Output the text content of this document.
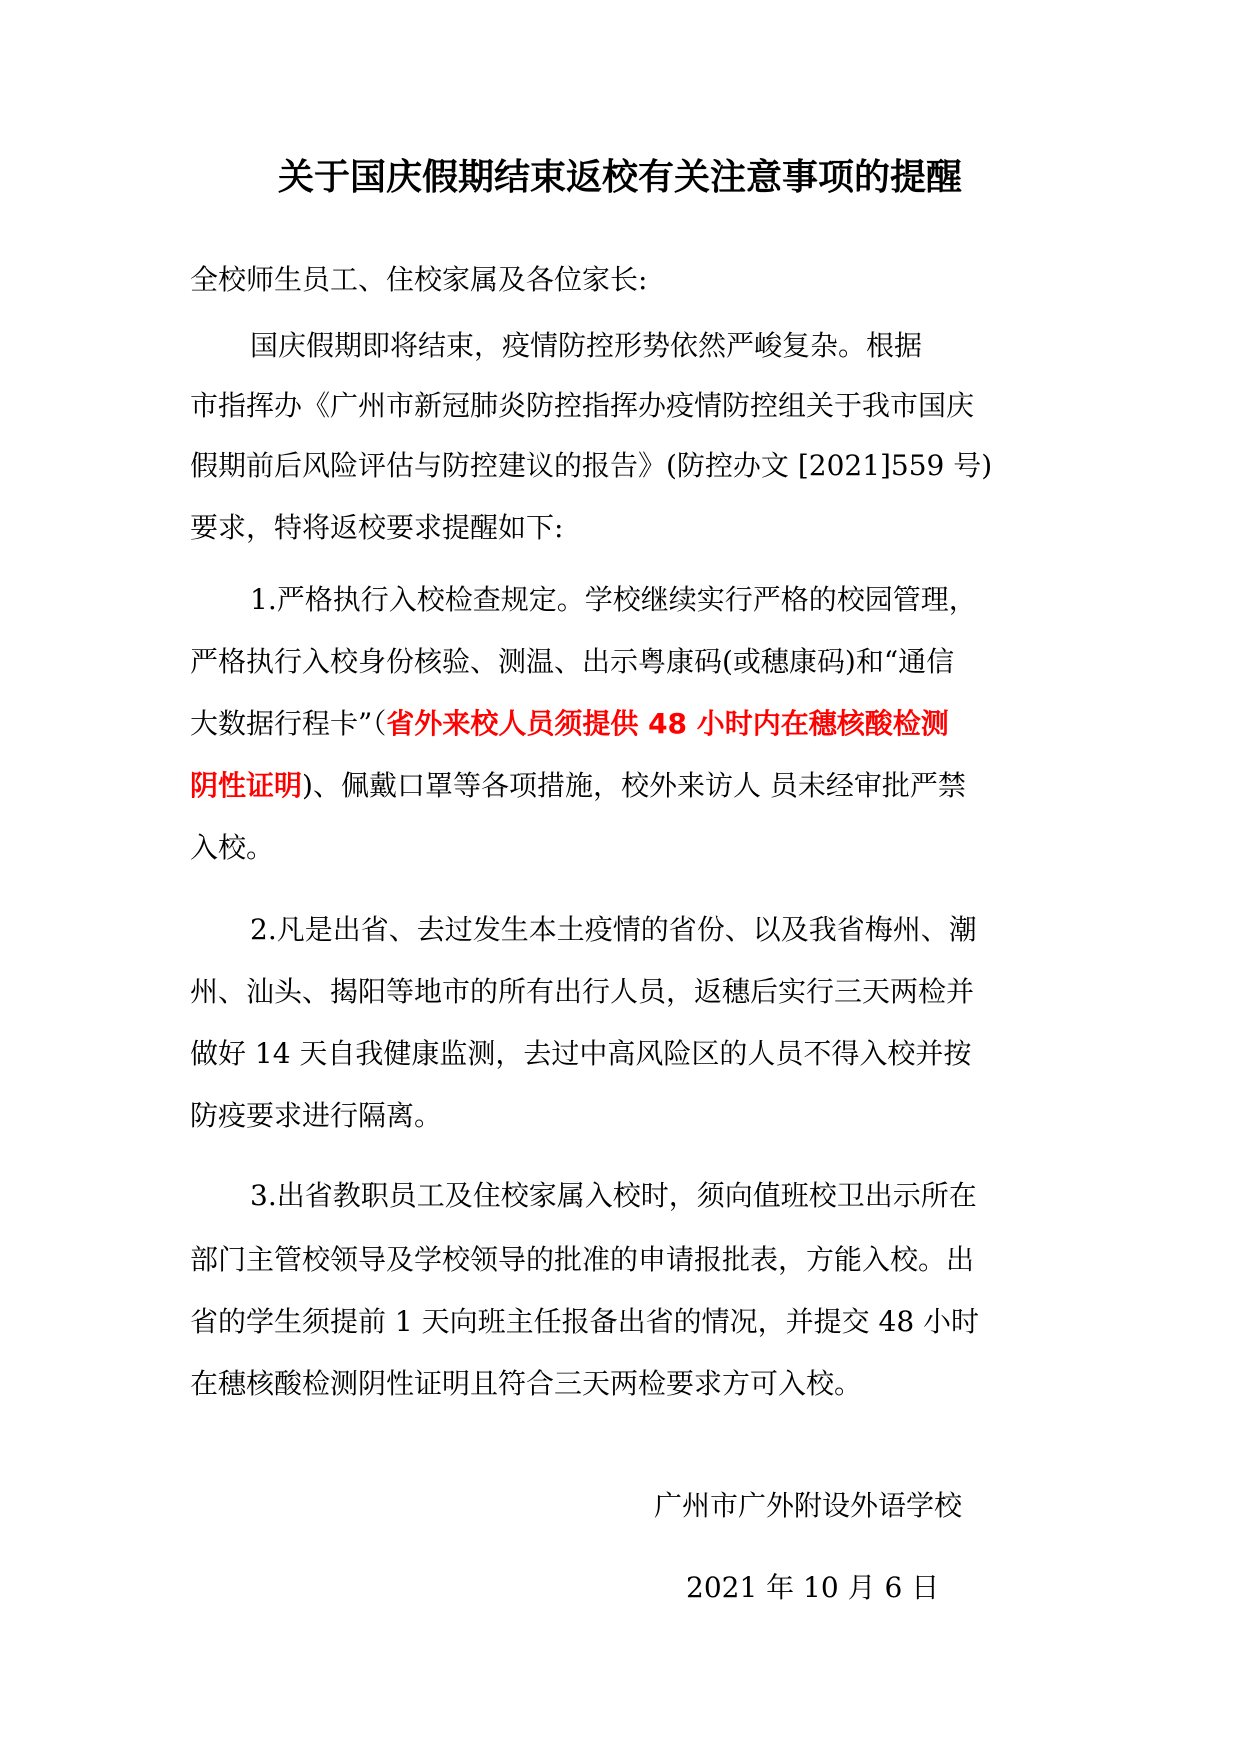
关于国庆假期结束返校有关注意事项的提醒
全校师生员工、住校家属及各位家长:
国庆假期即将结束，疫情防控形势依然严峻复杂。根据
市指挥办《广州市新冠肺炎防控指挥办疫情防控组关于我市国庆
假期前后风险评估与防控建议的报告》(防控办文 [2021]559 号)
要求，特将返校要求提醒如下:
1.严格执行入校检查规定。学校继续实行严格的校园管理，
严格执行入校身份核验、测温、出示粤康码(或穗康码)和“通信
大数据行程卡”（省外来校人员须提供 48 小时内在穗核酸检测
阴性证明)、佩戴口罩等各项措施，校外来访人 员未经审批严禁
入校。
2.凡是出省、去过发生本土疫情的省份、以及我省梅州、潮
州、汕头、揭阳等地市的所有出行人员，返穗后实行三天两检并
做好 14 天自我健康监测，去过中高风险区的人员不得入校并按
防疫要求进行隔离。
3.出省教职员工及住校家属入校时，须向值班校卫出示所在
部门主管校领导及学校领导的批准的申请报批表，方能入校。出
省的学生须提前 1 天向班主任报备出省的情况，并提交 48 小时
在穗核酸检测阴性证明且符合三天两检要求方可入校。
广州市广外附设外语学校
2021 年 10 月 6 日
